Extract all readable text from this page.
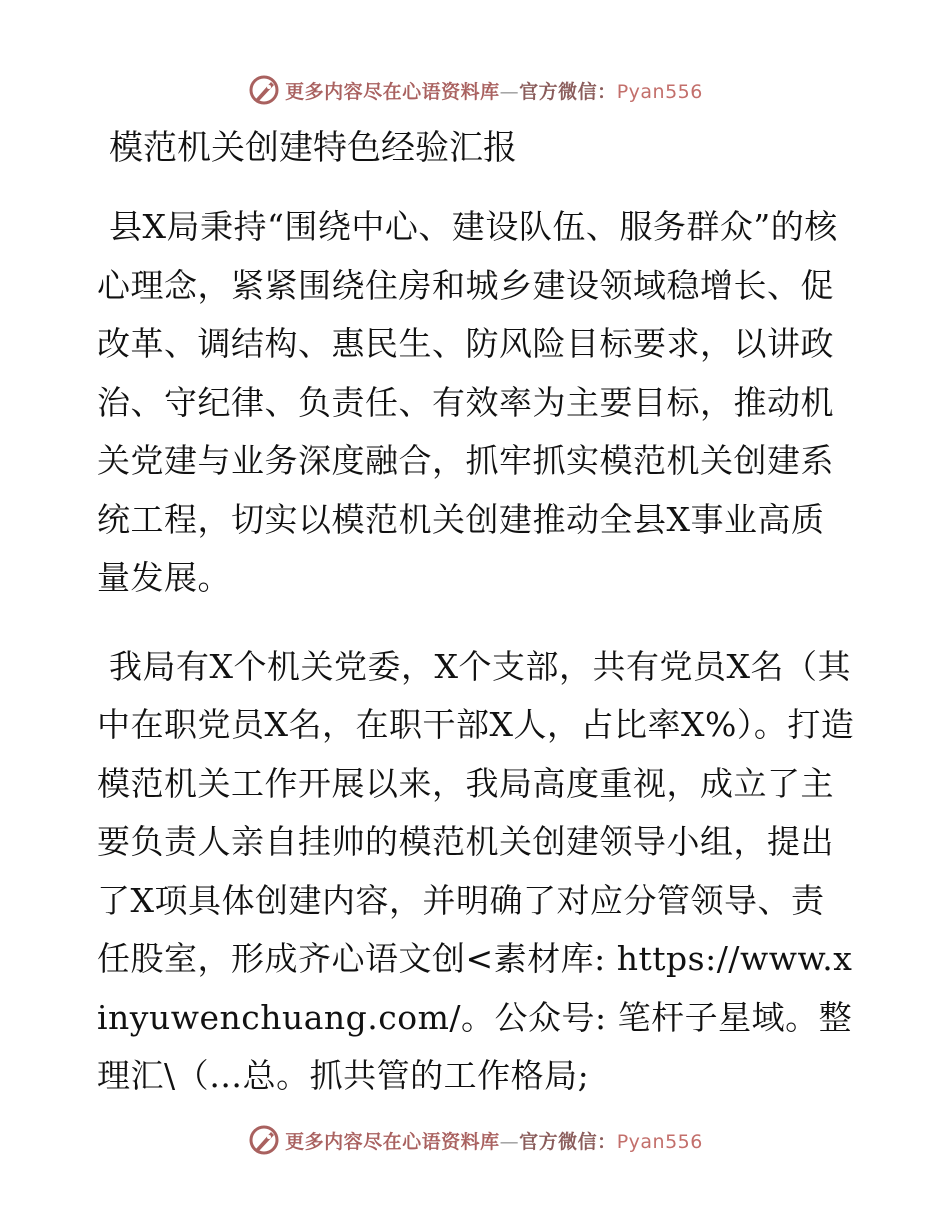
更多内容尽在心语资料库—官方微信：Pyan556
模范机关创建特色经验汇报

县X局秉持“围绕中心、建设队伍、服务群众”的核心理念，紧紧围绕住房和城乡建设领域稳增长、促改革、调结构、惠民生、防风险目标要求，以讲政治、守纪律、负责任、有效率为主要目标，推动机关党建与业务深度融合，抓牢抓实模范机关创建系统工程，切实以模范机关创建推动全县X事业高质量发展。

我局有X个机关党委，X个支部，共有党员X名（其中在职党员X名，在职干部X人，占比率X%）。打造模范机关工作开展以来，我局高度重视，成立了主要负责人亲自挂帅的模范机关创建领导小组，提出了X项具体创建内容，并明确了对应分管领导、责任股室，形成齐心语文创<素材库: https://www.xinyuwenchuang.com/。公众号: 笔杆子星域。整理汇\（…总。抓共管的工作格局;

更多内容尽在心语资料库—官方微信：Pyan556
